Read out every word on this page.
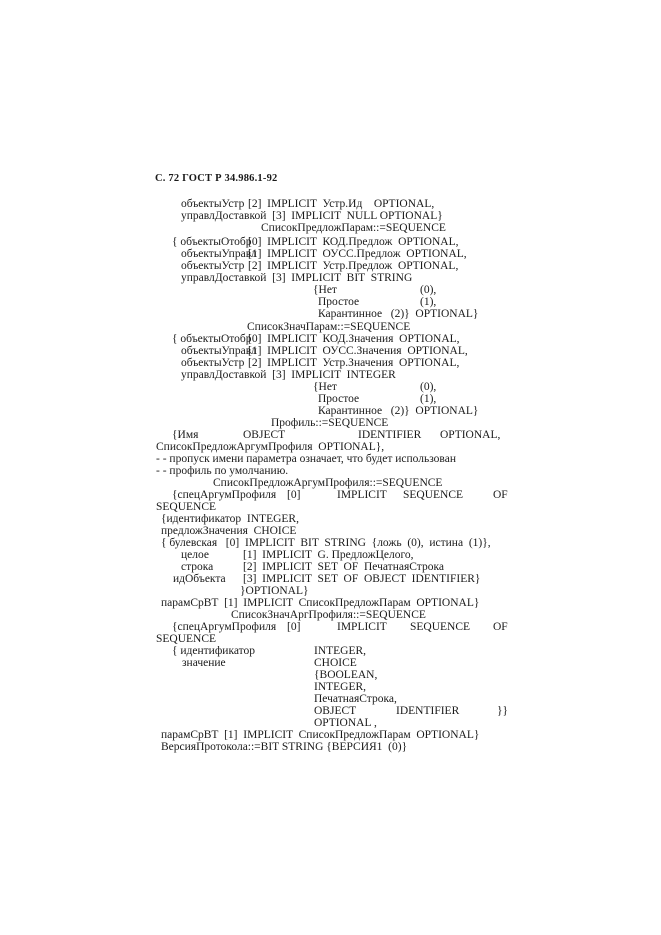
С. 72 ГОСТ Р 34.986.1-92
объектыУстр [2]  IMPLICIT  Устр.Ид    OPTIONAL,
управлДоставкой  [3]  IMPLICIT  NULL OPTIONAL}
СписокПредложПарам::=SEQUENCE
{ объектыОтобр
[0]  IMPLICIT  КОД.Предлож  OPTIONAL,
объектыУправл
[1]  IMPLICIT  ОУСС.Предлож  OPTIONAL,
объектыУстр [2]  IMPLICIT  Устр.Предлож  OPTIONAL,
управлДоставкой  [3]  IMPLICIT  BIT  STRING
{Нет	(0),
Простое	(1),
Карантинное   (2)}  OPTIONAL}
СписокЗначПарам::=SEQUENCE
{ объектыОтобр
[0]  IMPLICIT  КОД.Значения  OPTIONAL,
объектыУправл
[1]  IMPLICIT  ОУСС.Значения  OPTIONAL,
объектыУстр [2]  IMPLICIT  Устр.Значения  OPTIONAL,
управлДоставкой  [3]  IMPLICIT  INTEGER
{Нет	(0),
Простое	(1),
Карантинное   (2)}  OPTIONAL}
Профиль::=SEQUENCE
{Имя	OBJECT	IDENTIFIER OPTIONAL,
СписокПредложАргумПрофиля  OPTIONAL},
- - пропуск имени параметра означает, что будет использован
- - профиль по умолчанию.
СписокПредложАргумПрофиля::=SEQUENCE
{спецАргумПрофиля [0]	IMPLICIT SEQUENCE	OF
SEQUENCE
{идентификатор  INTEGER,
предложЗначения  CHOICE
{ булевская   [0]  IMPLICIT  BIT  STRING  {ложь  (0),  истина  (1)},
целое	[1]  IMPLICIT  G. ПредложЦелого,
строка	[2]  IMPLICIT  SET  OF  ПечатнаяСтрока
идОбъекта [3]  IMPLICIT  SET  OF  OBJECT  IDENTIFIER}
}OPTIONAL}
парамСрВТ  [1]  IMPLICIT  СписокПредложПарам  OPTIONAL}
СписокЗначАргПрофиля::=SEQUENCE
{спецАргумПрофиля [0]	IMPLICIT SEQUENCE OF
SEQUENCE
{ идентификатор	INTEGER,
значение	CHOICE
{BOOLEAN,
INTEGER,
ПечатнаяСтрока,
OBJECT	IDENTIFIER	}}
OPTIONAL ,
парамСрВТ  [1]  IMPLICIT  СписокПредложПарам  OPTIONAL}
ВерсияПротокола::=BIT STRING {ВЕРСИЯ1  (0)}
